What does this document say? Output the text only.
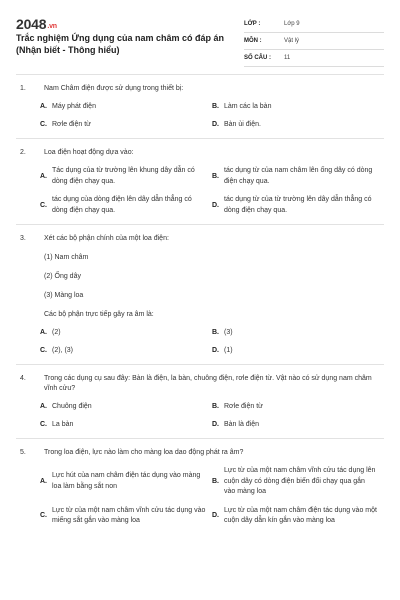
2048.vn
Trắc nghiệm Ứng dụng của nam châm có đáp án (Nhận biết - Thông hiểu)
LỚP :	Lớp 9
MÔN :	Vật lý
SỐ CÂU :	11
1.	Nam Châm điện được sử dụng trong thiết bị:
A. Máy phát điện	B. Làm các la bàn
C. Rơle điện từ	D. Bàn ủi điện.
2.	Loa điện hoạt động dựa vào:
A.
Tác dụng của từ trường lên khung dây dẫn có dòng điện chạy qua.
B.
tác dụng từ của nam châm lên ống dây có dòng điện chạy qua.
C.
tác dụng của dòng điện lên dây dẫn thẳng có dòng điện chạy qua.
D.
tác dụng từ của từ trường lên dây dẫn thẳng có dòng điện chạy qua.
3.	Xét các bộ phận chính của một loa điện:
(1) Nam châm
(2) Ống dây
(3) Màng loa
Các bộ phận trực tiếp gây ra âm là:
A. (2)	B. (3)
C. (2), (3)	D. (1)
4.	Trong các dụng cụ sau đây: Bàn là điện, la bàn, chuông điện, rơle điện từ. Vật nào có sử dụng nam châm vĩnh cửu?
A. Chuông điện	B. Rơle điện từ
C. La bàn	D. Bàn là điện
5.	Trong loa điện, lực nào làm cho màng loa dao động phát ra âm?
A.
Lực hút của nam châm điện tác dụng vào màng loa làm bằng sắt non
B.
Lực từ của một nam châm vĩnh cửu tác dụng lên cuộn dây có dòng điện biến đổi chạy qua gắn vào màng loa
C.
Lực từ của một nam châm vĩnh cửu tác dụng vào miếng sắt gắn vào màng loa
D.
Lực từ của một nam châm điện tác dụng vào một cuộn dây dẫn kín gắn vào màng loa
